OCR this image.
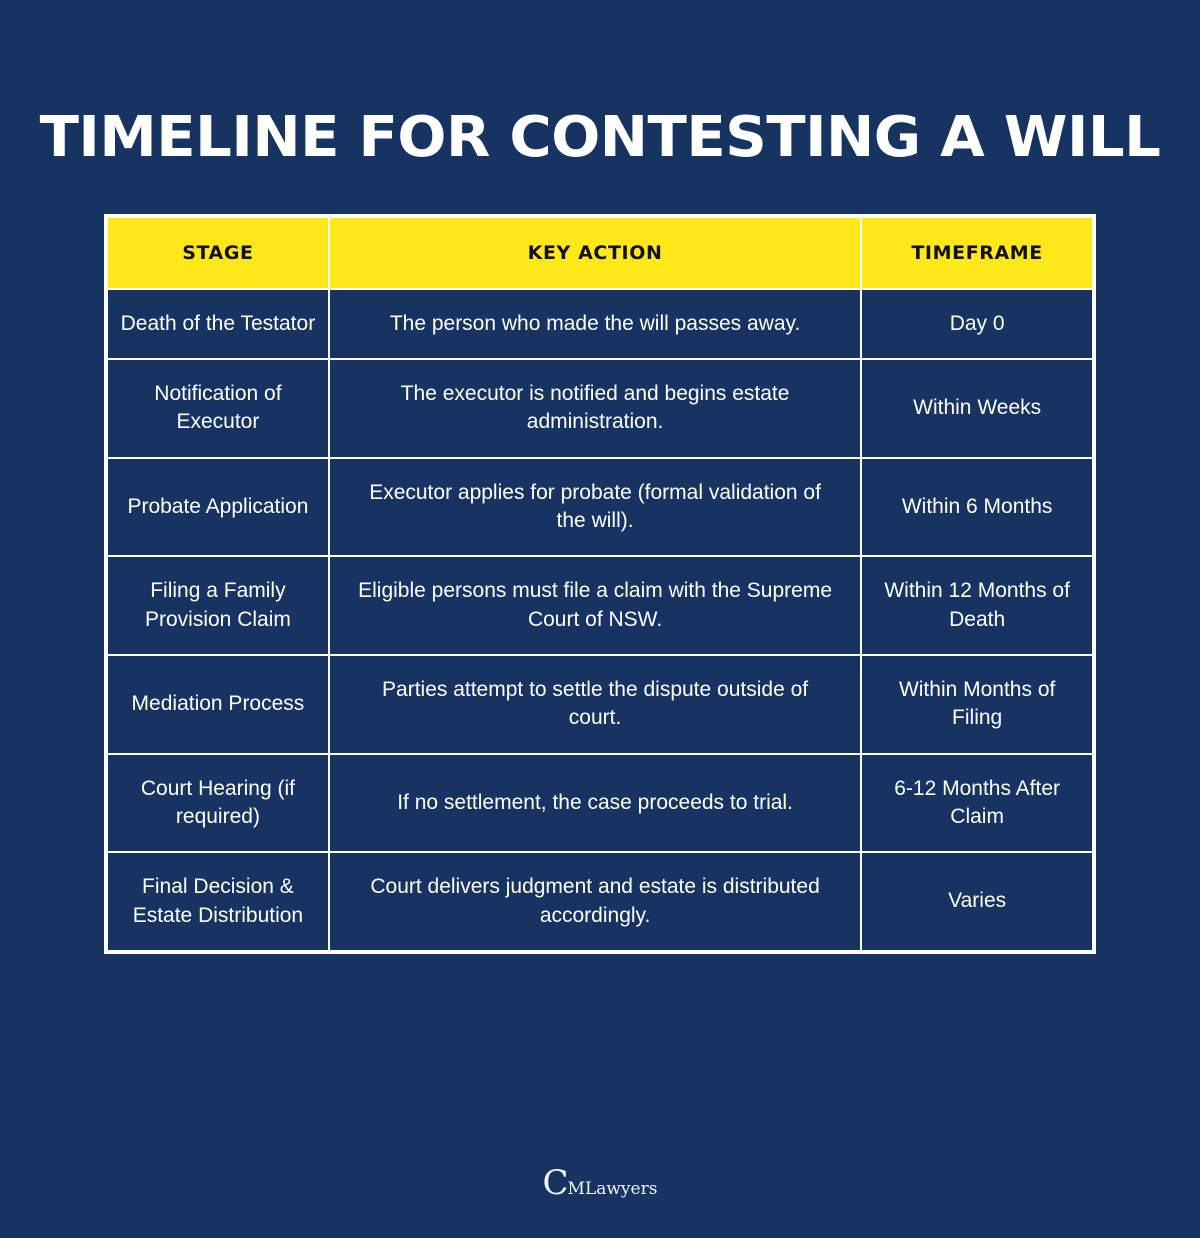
TIMELINE FOR CONTESTING A WILL
STAGE	KEY ACTION	TIMEFRAME
Death of the Testator	The person who made the will passes away.	Day 0
Notification of Executor	The executor is notified and begins estate administration.	Within Weeks
Probate Application	Executor applies for probate (formal validation of the will).	Within 6 Months
Filing a Family Provision Claim	Eligible persons must file a claim with the Supreme Court of NSW.	Within 12 Months of Death
Mediation Process	Parties attempt to settle the dispute outside of court.	Within Months of Filing
Court Hearing (if required)	If no settlement, the case proceeds to trial.	6-12 Months After Claim
Final Decision & Estate Distribution	Court delivers judgment and estate is distributed accordingly.	Varies
C MLawyers
